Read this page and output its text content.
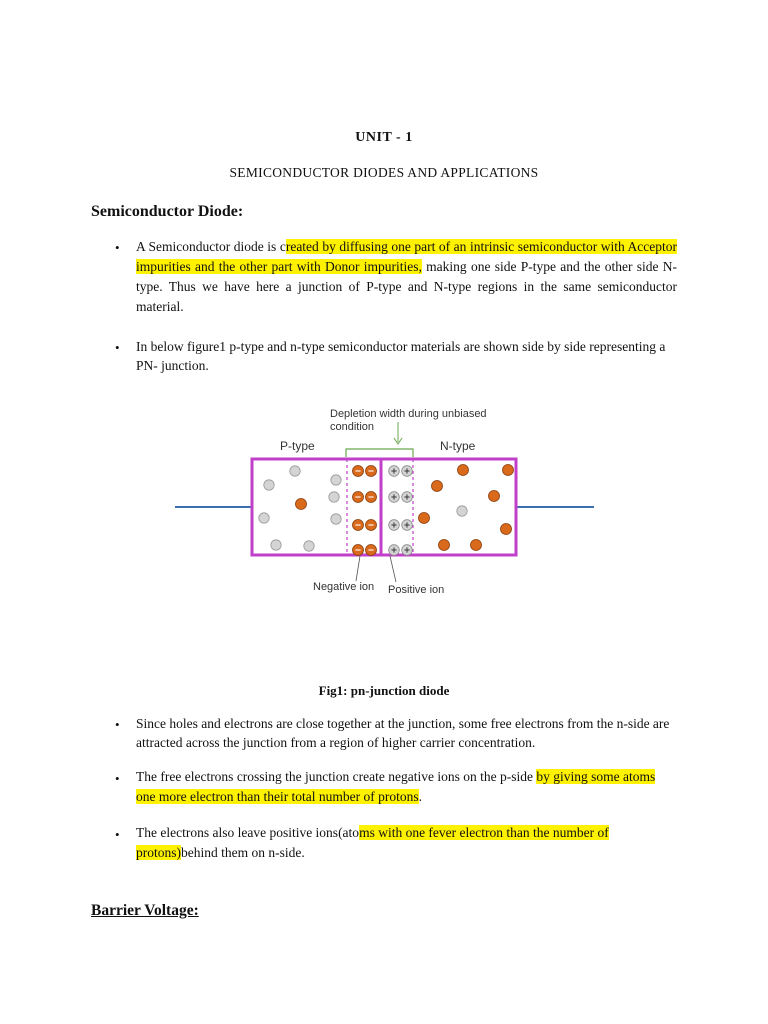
UNIT - 1
SEMICONDUCTOR DIODES AND APPLICATIONS
Semiconductor Diode:
• A Semiconductor diode is created by diffusing one part of an intrinsic semiconductor with Acceptor impurities and the other part with Donor impurities, making one side P-type and the other side N-type. Thus we have here a junction of P-type and N-type regions in the same semiconductor material.
• In below figure1 p-type and n-type semiconductor materials are shown side by side representing a PN- junction.
Depletion width during unbiased
condition
P-type	N-type
Negative ion Positive ion
Fig1: pn-junction diode
• Since holes and electrons are close together at the junction, some free electrons from the n-side are attracted across the junction from a region of higher carrier concentration.
• The free electrons crossing the junction create negative ions on the p-side by giving some atoms one more electron than their total number of protons.
• The electrons also leave positive ions(atoms with one fever electron than the number of protons)behind them on n-side.
Barrier Voltage:
